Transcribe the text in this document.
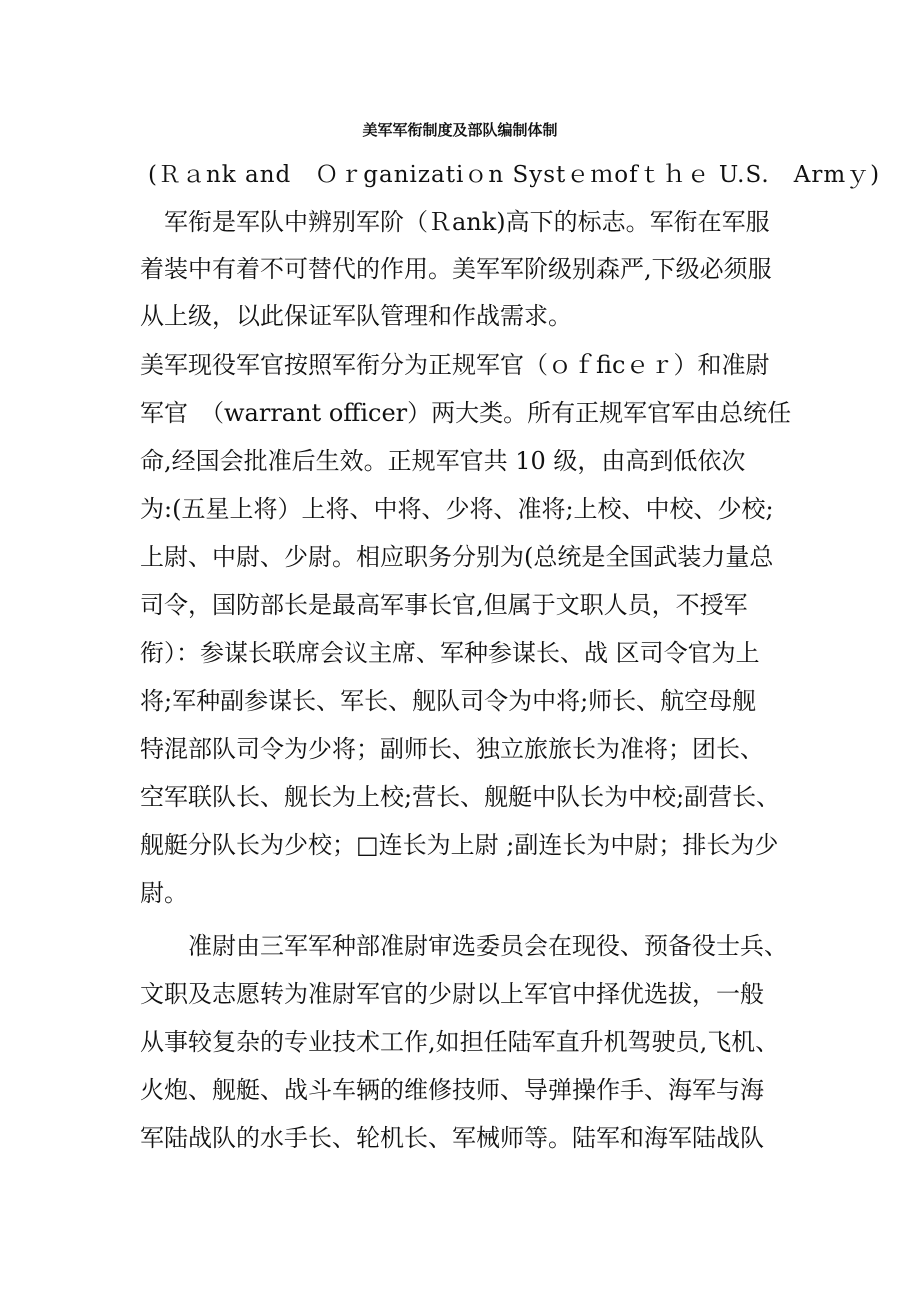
美军军衔制度及部队编制体制

(Ｒａnk and　Ｏｒganizatiｏn Systｅｍofｔｈｅ U.S.　Armｙ)

　军衔是军队中辨别军阶（Ｒank)高下的标志。军衔在军服

着装中有着不可替代的作用。美军军阶级别森严,下级必须服

从上级，以此保证军队管理和作战需求。

美军现役军官按照军衔分为正规军官（ｏｆficｅｒ）和准尉

军官　（warrant officer）两大类。所有正规军官军由总统任

命,经国会批准后生效。正规军官共 10 级，由高到低依次

为:(五星上将）上将、中将、少将、准将;上校、中校、少校;

上尉、中尉、少尉。相应职务分别为(总统是全国武装力量总

司令，国防部长是最高军事长官,但属于文职人员，不授军

衔）：参谋长联席会议主席、军种参谋长、战 区司令官为上

将;军种副参谋长、军长、舰队司令为中将;师长、航空母舰

特混部队司令为少将；副师长、独立旅旅长为准将；团长、

空军联队长、舰长为上校;营长、舰艇中队长为中校;副营长、

舰艇分队长为少校；□连长为上尉 ;副连长为中尉；排长为少

尉。

　　准尉由三军军种部准尉审选委员会在现役、预备役士兵、

文职及志愿转为准尉军官的少尉以上军官中择优选拔，一般

从事较复杂的专业技术工作,如担任陆军直升机驾驶员,飞机、

火炮、舰艇、战斗车辆的维修技师、导弹操作手、海军与海

军陆战队的水手长、轮机长、军械师等。陆军和海军陆战队
